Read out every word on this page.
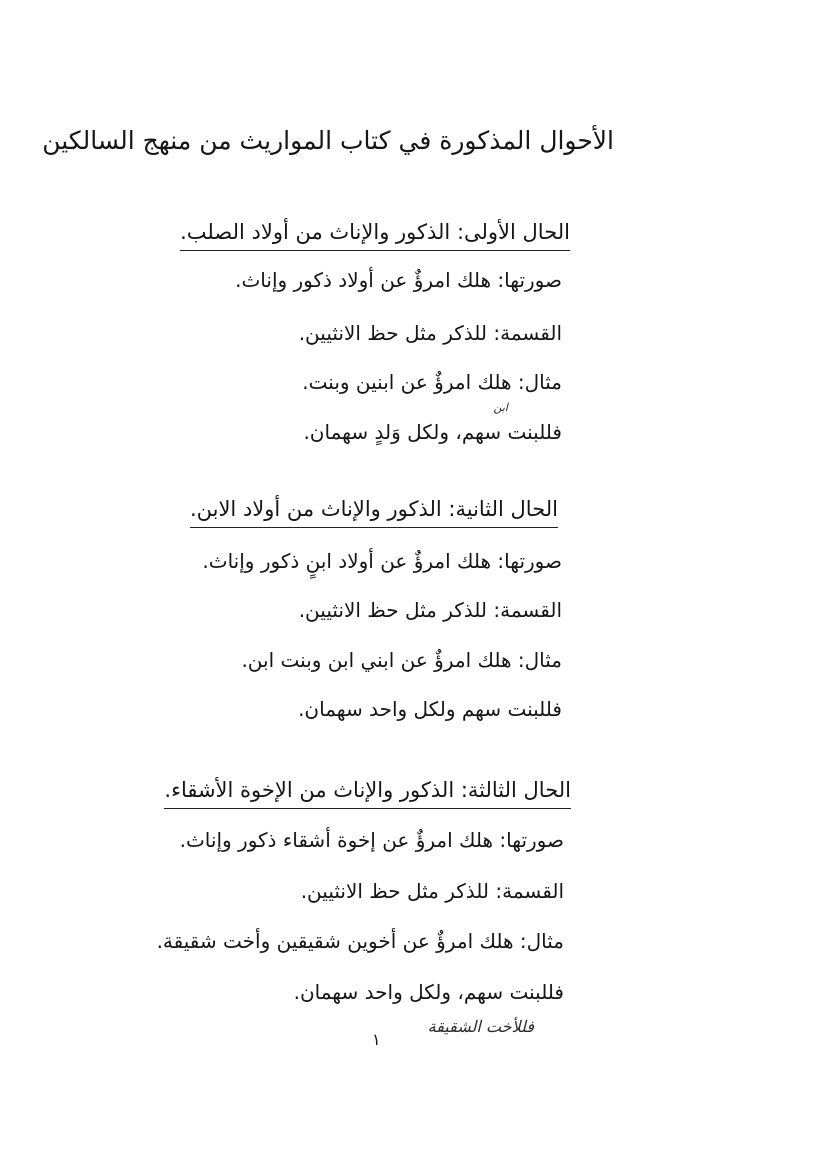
الأحوال المذكورة في كتاب المواريث من منهج السالكين
الحال الأولى: الذكور والإناث من أولاد الصلب.

صورتها: هلك امرؤٌ عن أولاد ذكور وإناث.

القسمة: للذكر مثل حظ الانثيين.

مثال: هلك امرؤٌ عن ابنين وبنت.

ابن

فللبنت سهم، ولكل وَلدٍ سهمان.

الحال الثانية: الذكور والإناث من أولاد الابن.

صورتها: هلك امرؤٌ عن أولاد ابنٍ ذكور وإناث.

القسمة: للذكر مثل حظ الانثيين.

مثال: هلك امرؤٌ عن ابني ابن وبنت ابن.

فللبنت سهم ولكل واحد سهمان.

الحال الثالثة: الذكور والإناث من الإخوة الأشقاء.

صورتها: هلك امرؤٌ عن إخوة أشقاء ذكور وإناث.

القسمة: للذكر مثل حظ الانثيين.

مثال: هلك امرؤٌ عن أخوين شقيقين وأخت شقيقة.

فللبنت سهم، ولكل واحد سهمان.

فللأخت الشقيقة

١
